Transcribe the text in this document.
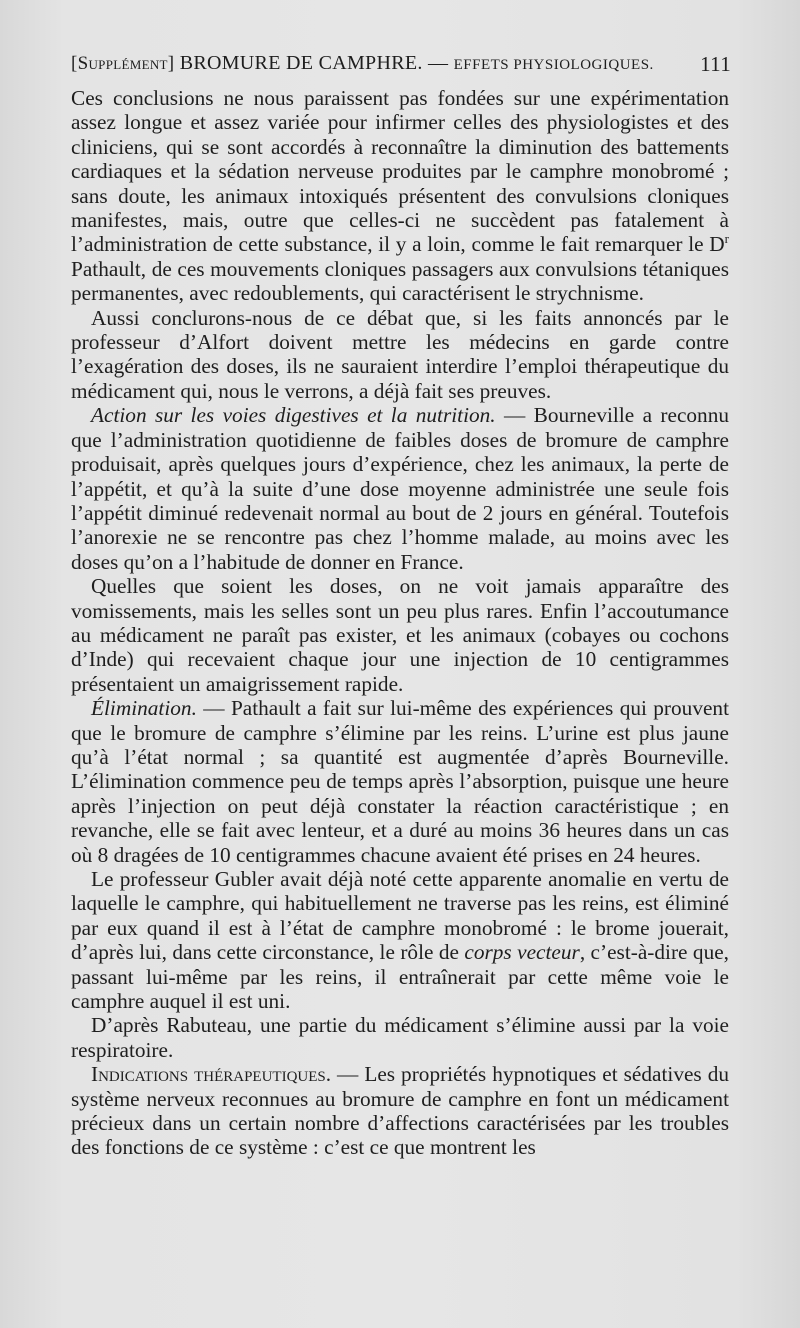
[Supplément] BROMURE DE CAMPHRE. — EFFETS PHYSIOLOGIQUES. 111

Ces conclusions ne nous paraissent pas fondées sur une expérimentation assez longue et assez variée pour infirmer celles des physiologistes et des cliniciens, qui se sont accordés à reconnaître la diminution des battements cardiaques et la sédation nerveuse produites par le camphre monobromé ; sans doute, les animaux intoxiqués présentent des convulsions cloniques manifestes, mais, outre que celles-ci ne succèdent pas fatalement à l’administration de cette substance, il y a loin, comme le fait remarquer le $D^r$ Pathault, de ces mouvements cloniques passagers aux convulsions tétaniques permanentes, avec redoublements, qui caractérisent le strychnisme.

Aussi conclurons-nous de ce débat que, si les faits annoncés par le professeur d’Alfort doivent mettre les médecins en garde contre l’exagération des doses, ils ne sauraient interdire l’emploi thérapeutique du médicament qui, nous le verrons, a déjà fait ses preuves.

Action sur les voies digestives et la nutrition. — Bourneville a reconnu que l’administration quotidienne de faibles doses de bromure de camphre produisait, après quelques jours d’expérience, chez les animaux, la perte de l’appétit, et qu’à la suite d’une dose moyenne administrée une seule fois l’appétit diminué redevenait normal au bout de 2 jours en général. Toutefois l’anorexie ne se rencontre pas chez l’homme malade, au moins avec les doses qu’on a l’habitude de donner en France.

Quelles que soient les doses, on ne voit jamais apparaître des vomissements, mais les selles sont un peu plus rares. Enfin l’accoutumance au médicament ne paraît pas exister, et les animaux (cobayes ou cochons d’Inde) qui recevaient chaque jour une injection de 10 centigrammes présentaient un amaigrissement rapide.

Élimination. — Pathault a fait sur lui-même des expériences qui prouvent que le bromure de camphre s’élimine par les reins. L’urine est plus jaune qu’à l’état normal ; sa quantité est augmentée d’après Bourneville. L’élimination commence peu de temps après l’absorption, puisque une heure après l’injection on peut déjà constater la réaction caractéristique ; en revanche, elle se fait avec lenteur, et a duré au moins 36 heures dans un cas où 8 dragées de 10 centigrammes chacune avaient été prises en 24 heures.

Le professeur Gubler avait déjà noté cette apparente anomalie en vertu de laquelle le camphre, qui habituellement ne traverse pas les reins, est éliminé par eux quand il est à l’état de camphre monobromé : le brome jouerait, d’après lui, dans cette circonstance, le rôle de corps vecteur, c’est-à-dire que, passant lui-même par les reins, il entraînerait par cette même voie le camphre auquel il est uni.

D’après Rabuteau, une partie du médicament s’élimine aussi par la voie respiratoire.

Indications thérapeutiques. — Les propriétés hypnotiques et sédatives du système nerveux reconnues au bromure de camphre en font un médicament précieux dans un certain nombre d’affections caractérisées par les troubles des fonctions de ce système : c’est ce que montrent les
